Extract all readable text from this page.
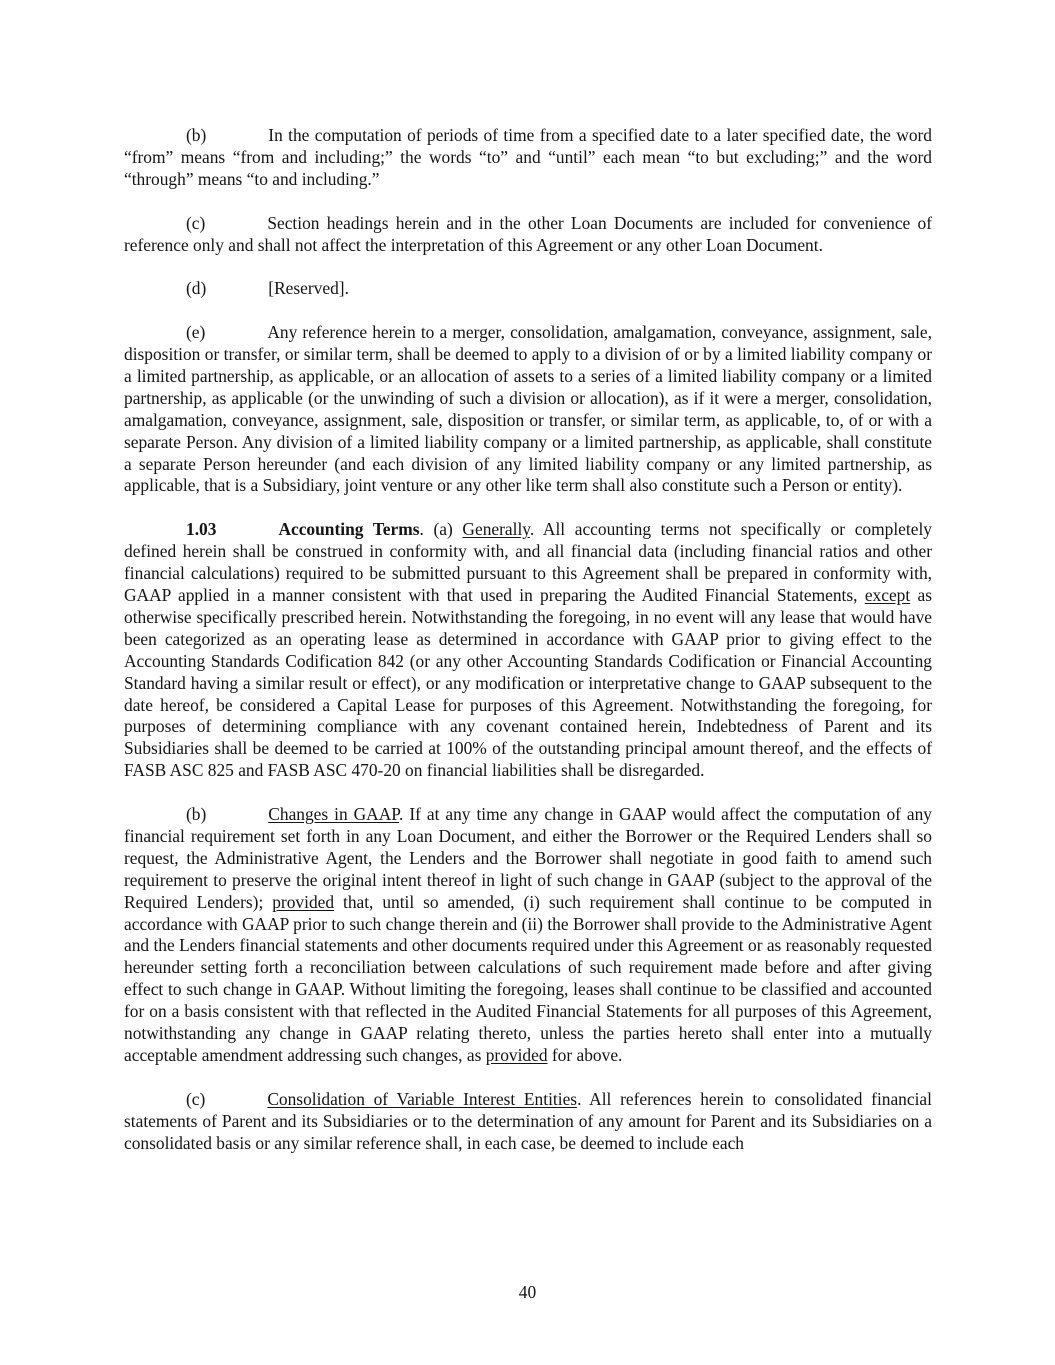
(b)	In the computation of periods of time from a specified date to a later specified date, the word “from” means “from and including;” the words “to” and “until” each mean “to but excluding;” and the word “through” means “to and including.”

(c)	Section headings herein and in the other Loan Documents are included for convenience of reference only and shall not affect the interpretation of this Agreement or any other Loan Document.

(d)	[Reserved].

(e)	Any reference herein to a merger, consolidation, amalgamation, conveyance, assignment, sale, disposition or transfer, or similar term, shall be deemed to apply to a division of or by a limited liability company or a limited partnership, as applicable, or an allocation of assets to a series of a limited liability company or a limited partnership, as applicable (or the unwinding of such a division or allocation), as if it were a merger, consolidation, amalgamation, conveyance, assignment, sale, disposition or transfer, or similar term, as applicable, to, of or with a separate Person. Any division of a limited liability company or a limited partnership, as applicable, shall constitute a separate Person hereunder (and each division of any limited liability company or any limited partnership, as applicable, that is a Subsidiary, joint venture or any other like term shall also constitute such a Person or entity).

1.03	Accounting Terms. (a) Generally. All accounting terms not specifically or completely defined herein shall be construed in conformity with, and all financial data (including financial ratios and other financial calculations) required to be submitted pursuant to this Agreement shall be prepared in conformity with, GAAP applied in a manner consistent with that used in preparing the Audited Financial Statements, except as otherwise specifically prescribed herein. Notwithstanding the foregoing, in no event will any lease that would have been categorized as an operating lease as determined in accordance with GAAP prior to giving effect to the Accounting Standards Codification 842 (or any other Accounting Standards Codification or Financial Accounting Standard having a similar result or effect), or any modification or interpretative change to GAAP subsequent to the date hereof, be considered a Capital Lease for purposes of this Agreement. Notwithstanding the foregoing, for purposes of determining compliance with any covenant contained herein, Indebtedness of Parent and its Subsidiaries shall be deemed to be carried at 100% of the outstanding principal amount thereof, and the effects of FASB ASC 825 and FASB ASC 470-20 on financial liabilities shall be disregarded.

(b)	Changes in GAAP. If at any time any change in GAAP would affect the computation of any financial requirement set forth in any Loan Document, and either the Borrower or the Required Lenders shall so request, the Administrative Agent, the Lenders and the Borrower shall negotiate in good faith to amend such requirement to preserve the original intent thereof in light of such change in GAAP (subject to the approval of the Required Lenders); provided that, until so amended, (i) such requirement shall continue to be computed in accordance with GAAP prior to such change therein and (ii) the Borrower shall provide to the Administrative Agent and the Lenders financial statements and other documents required under this Agreement or as reasonably requested hereunder setting forth a reconciliation between calculations of such requirement made before and after giving effect to such change in GAAP. Without limiting the foregoing, leases shall continue to be classified and accounted for on a basis consistent with that reflected in the Audited Financial Statements for all purposes of this Agreement, notwithstanding any change in GAAP relating thereto, unless the parties hereto shall enter into a mutually acceptable amendment addressing such changes, as provided for above.

(c)	Consolidation of Variable Interest Entities. All references herein to consolidated financial statements of Parent and its Subsidiaries or to the determination of any amount for Parent and its Subsidiaries on a consolidated basis or any similar reference shall, in each case, be deemed to include each

40
